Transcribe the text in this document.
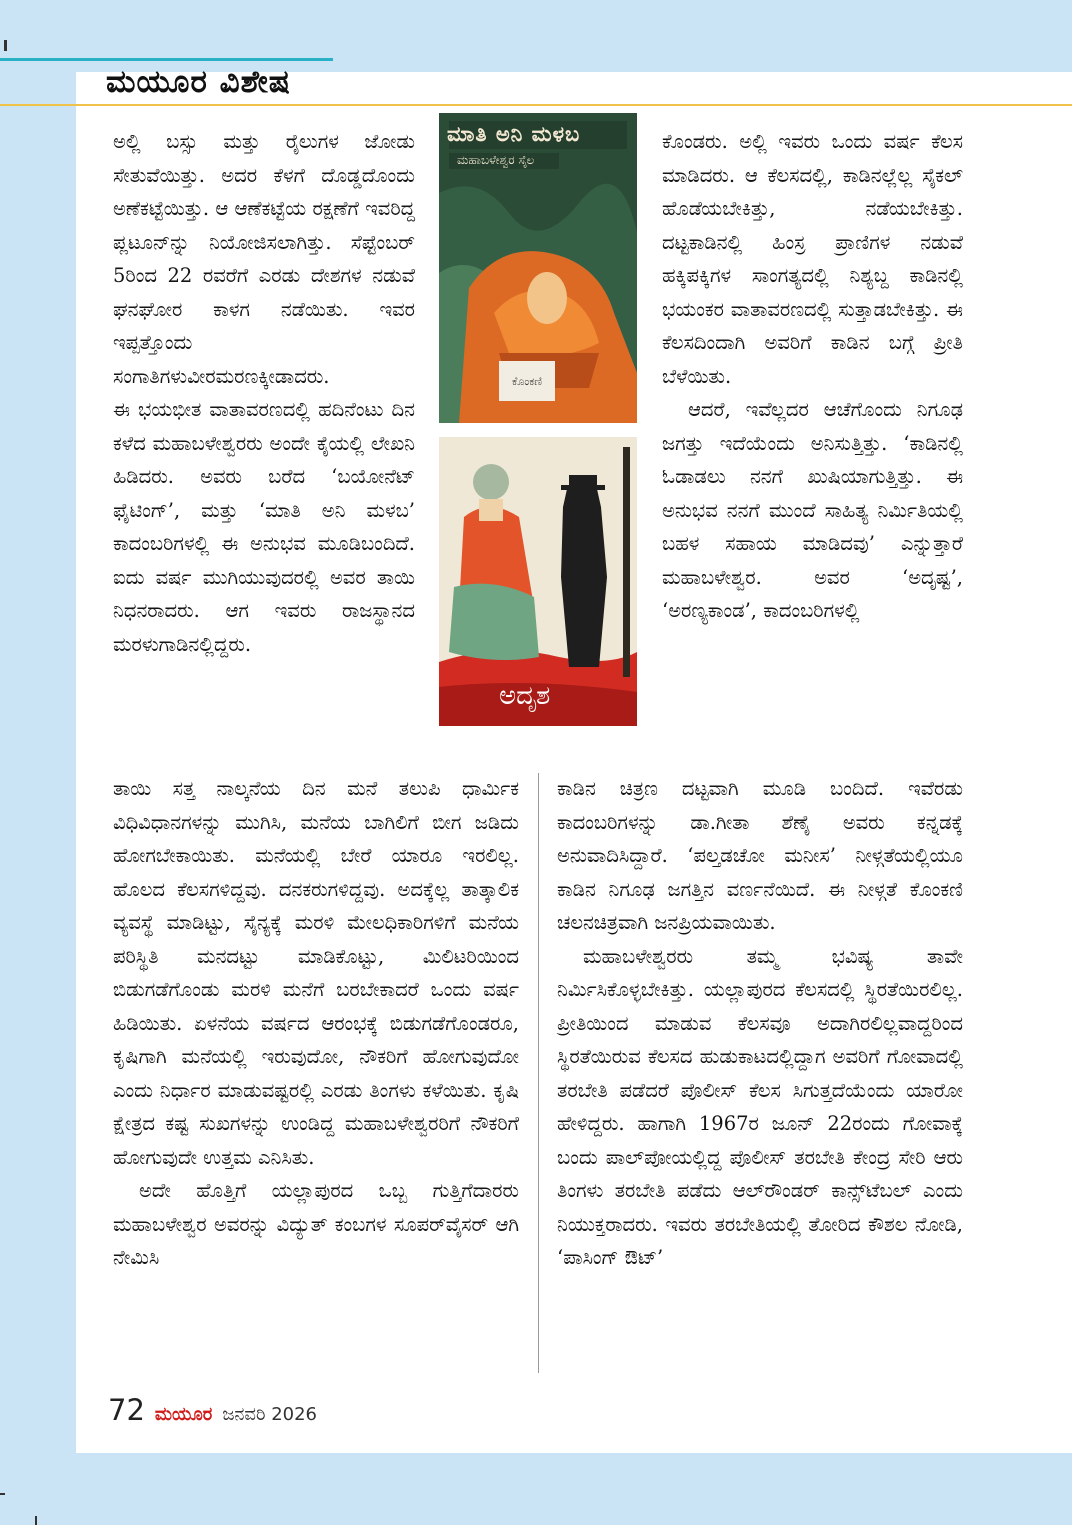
ಮಯೂರ ವಿಶೇಷ

ಅಲ್ಲಿ ಬಸ್ಸು ಮತ್ತು ರೈಲುಗಳ ಜೋಡು ಸೇತುವೆಯಿತ್ತು. ಅದರ ಕೆಳಗೆ ದೊಡ್ಡದೊಂದು ಅಣೆಕಟ್ಟೆಯಿತ್ತು. ಆ ಆಣೆಕಟ್ಟೆಯ ರಕ್ಷಣೆಗೆ ಇವರಿದ್ದ ಪ್ಲಟೂನ್‌ನ್ನು ನಿಯೋಜಿಸಲಾಗಿತ್ತು. ಸೆಪ್ಟೆಂಬರ್ 5ರಿಂದ 22 ರವರೆಗೆ ಎರಡು ದೇಶಗಳ ನಡುವೆ ಘನಘೋರ ಕಾಳಗ ನಡೆಯಿತು. ಇವರ ಇಪ್ಪತ್ತೊಂದು ಸಂಗಾತಿಗಳುವೀರಮರಣಕ್ಕೀಡಾದರು.

ಈ ಭಯಭೀತ ವಾತಾವರಣದಲ್ಲಿ ಹದಿನೆಂಟು ದಿನ ಕಳೆದ ಮಹಾಬಳೇಶ್ವರರು ಅಂದೇ ಕೈಯಲ್ಲಿ ಲೇಖನಿ ಹಿಡಿದರು. ಅವರು ಬರೆದ ‘ಬಯೋನೆಟ್ ಫೈಟಿಂಗ್’, ಮತ್ತು ‘ಮಾತಿ ಅನಿ ಮಳಬ’ ಕಾದಂಬರಿಗಳಲ್ಲಿ ಈ ಅನುಭವ ಮೂಡಿಬಂದಿದೆ. ಐದು ವರ್ಷ ಮುಗಿಯುವುದರಲ್ಲಿ ಅವರ ತಾಯಿ ನಿಧನರಾದರು. ಆಗ ಇವರು ರಾಜಸ್ಥಾನದ ಮರಳುಗಾಡಿನಲ್ಲಿದ್ದರು.

ಮಾತಿ ಅನಿ ಮಳಬ
ಮಹಾಬಳೇಶ್ವರ ಸೈಲ
ಕೊಂಕಣಿ
ಅದೃಶ

ಕೊಂಡರು. ಅಲ್ಲಿ ಇವರು ಒಂದು ವರ್ಷ ಕೆಲಸ ಮಾಡಿದರು. ಆ ಕೆಲಸದಲ್ಲಿ, ಕಾಡಿನಲ್ಲೆಲ್ಲ ಸೈಕಲ್ ಹೊಡೆಯಬೇಕಿತ್ತು, ನಡೆಯಬೇಕಿತ್ತು. ದಟ್ಟಕಾಡಿನಲ್ಲಿ ಹಿಂಸ್ರ ಪ್ರಾಣಿಗಳ ನಡುವೆ ಹಕ್ಕಿಪಕ್ಕಿಗಳ ಸಾಂಗತ್ಯದಲ್ಲಿ ನಿಶ್ಯಬ್ದ ಕಾಡಿನಲ್ಲಿ ಭಯಂಕರ ವಾತಾವರಣದಲ್ಲಿ ಸುತ್ತಾಡಬೇಕಿತ್ತು. ಈ ಕೆಲಸದಿಂದಾಗಿ ಅವರಿಗೆ ಕಾಡಿನ ಬಗ್ಗೆ ಪ್ರೀತಿ ಬೆಳೆಯಿತು.

ಆದರೆ, ಇವೆಲ್ಲದರ ಆಚೆಗೊಂದು ನಿಗೂಢ ಜಗತ್ತು ಇದೆಯೆಂದು ಅನಿಸುತ್ತಿತ್ತು. ‘ಕಾಡಿನಲ್ಲಿ ಓಡಾಡಲು ನನಗೆ ಖುಷಿಯಾಗುತ್ತಿತ್ತು. ಈ ಅನುಭವ ನನಗೆ ಮುಂದೆ ಸಾಹಿತ್ಯ ನಿರ್ಮಿತಿಯಲ್ಲಿ ಬಹಳ ಸಹಾಯ ಮಾಡಿದವು’ ಎನ್ನುತ್ತಾರೆ ಮಹಾಬಳೇಶ್ವರ. ಅವರ ‘ಅದೃಷ್ಟ’, ‘ಅರಣ್ಯಕಾಂಡ’, ಕಾದಂಬರಿಗಳಲ್ಲಿ

ತಾಯಿ ಸತ್ತ ನಾಲ್ಕನೆಯ ದಿನ ಮನೆ ತಲುಪಿ ಧಾರ್ಮಿಕ ವಿಧಿವಿಧಾನಗಳನ್ನು ಮುಗಿಸಿ, ಮನೆಯ ಬಾಗಿಲಿಗೆ ಬೀಗ ಜಡಿದು ಹೋಗಬೇಕಾಯಿತು. ಮನೆಯಲ್ಲಿ ಬೇರೆ ಯಾರೂ ಇರಲಿಲ್ಲ. ಹೊಲದ ಕೆಲಸಗಳಿದ್ದವು. ದನಕರುಗಳಿದ್ದವು. ಅದಕ್ಕೆಲ್ಲ ತಾತ್ಕಾಲಿಕ ವ್ಯವಸ್ಥೆ ಮಾಡಿಟ್ಟು, ಸೈನ್ಯಕ್ಕೆ ಮರಳಿ ಮೇಲಧಿಕಾರಿಗಳಿಗೆ ಮನೆಯ ಪರಿಸ್ಥಿತಿ ಮನದಟ್ಟು ಮಾಡಿಕೊಟ್ಟು, ಮಿಲಿಟರಿಯಿಂದ ಬಿಡುಗಡೆಗೊಂಡು ಮರಳಿ ಮನೆಗೆ ಬರಬೇಕಾದರೆ ಒಂದು ವರ್ಷ ಹಿಡಿಯಿತು. ಏಳನೆಯ ವರ್ಷದ ಆರಂಭಕ್ಕೆ ಬಿಡುಗಡೆಗೊಂಡರೂ, ಕೃಷಿಗಾಗಿ ಮನೆಯಲ್ಲಿ ಇರುವುದೋ, ನೌಕರಿಗೆ ಹೋಗುವುದೋ ಎಂದು ನಿರ್ಧಾರ ಮಾಡುವಷ್ಟರಲ್ಲಿ ಎರಡು ತಿಂಗಳು ಕಳೆಯಿತು. ಕೃಷಿ ಕ್ಷೇತ್ರದ ಕಷ್ಟ ಸುಖಗಳನ್ನು ಉಂಡಿದ್ದ ಮಹಾಬಳೇಶ್ವರರಿಗೆ ನೌಕರಿಗೆ ಹೋಗುವುದೇ ಉತ್ತಮ ಎನಿಸಿತು.

ಅದೇ ಹೊತ್ತಿಗೆ ಯಲ್ಲಾಪುರದ ಒಬ್ಬ ಗುತ್ತಿಗೆದಾರರು ಮಹಾಬಳೇಶ್ವರ ಅವರನ್ನು ವಿದ್ಯುತ್ ಕಂಬಗಳ ಸೂಪರ್‌ವೈಸರ್ ಆಗಿ ನೇಮಿಸಿ

ಕಾಡಿನ ಚಿತ್ರಣ ದಟ್ಟವಾಗಿ ಮೂಡಿ ಬಂದಿದೆ. ಇವೆರಡು ಕಾದಂಬರಿಗಳನ್ನು ಡಾ.ಗೀತಾ ಶೆಣೈ ಅವರು ಕನ್ನಡಕ್ಕೆ ಅನುವಾದಿಸಿದ್ದಾರೆ. ‘ಪಲ್ತಡಚೋ ಮನೀಸ’ ನೀಳ್ಗತೆಯಲ್ಲಿಯೂ ಕಾಡಿನ ನಿಗೂಢ ಜಗತ್ತಿನ ವರ್ಣನೆಯಿದೆ. ಈ ನೀಳ್ಗತೆ ಕೊಂಕಣಿ ಚಲನಚಿತ್ರವಾಗಿ ಜನಪ್ರಿಯವಾಯಿತು.

ಮಹಾಬಳೇಶ್ವರರು ತಮ್ಮ ಭವಿಷ್ಯ ತಾವೇ ನಿರ್ಮಿಸಿಕೊಳ್ಳಬೇಕಿತ್ತು. ಯಲ್ಲಾಪುರದ ಕೆಲಸದಲ್ಲಿ ಸ್ಥಿರತೆಯಿರಲಿಲ್ಲ. ಪ್ರೀತಿಯಿಂದ ಮಾಡುವ ಕೆಲಸವೂ ಅದಾಗಿರಲಿಲ್ಲವಾದ್ದರಿಂದ ಸ್ಥಿರತೆಯಿರುವ ಕೆಲಸದ ಹುಡುಕಾಟದಲ್ಲಿದ್ದಾಗ ಅವರಿಗೆ ಗೋವಾದಲ್ಲಿ ತರಬೇತಿ ಪಡೆದರೆ ಪೊಲೀಸ್ ಕೆಲಸ ಸಿಗುತ್ತದೆಯೆಂದು ಯಾರೋ ಹೇಳಿದ್ದರು. ಹಾಗಾಗಿ 1967ರ ಜೂನ್ 22ರಂದು ಗೋವಾಕ್ಕೆ ಬಂದು ಪಾಲ್‌ಪೋಯಲ್ಲಿದ್ದ ಪೊಲೀಸ್ ತರಬೇತಿ ಕೇಂದ್ರ ಸೇರಿ ಆರು ತಿಂಗಳು ತರಬೇತಿ ಪಡೆದು ಆಲ್‌ರೌಂಡರ್ ಕಾನ್ಸ್‌ಟೆಬಲ್ ಎಂದು ನಿಯುಕ್ತರಾದರು. ಇವರು ತರಬೇತಿಯಲ್ಲಿ ತೋರಿದ ಕೌಶಲ ನೋಡಿ, ‘ಪಾಸಿಂಗ್ ಔಟ್’

72 ಮಯೂರ ಜನವರಿ 2026
